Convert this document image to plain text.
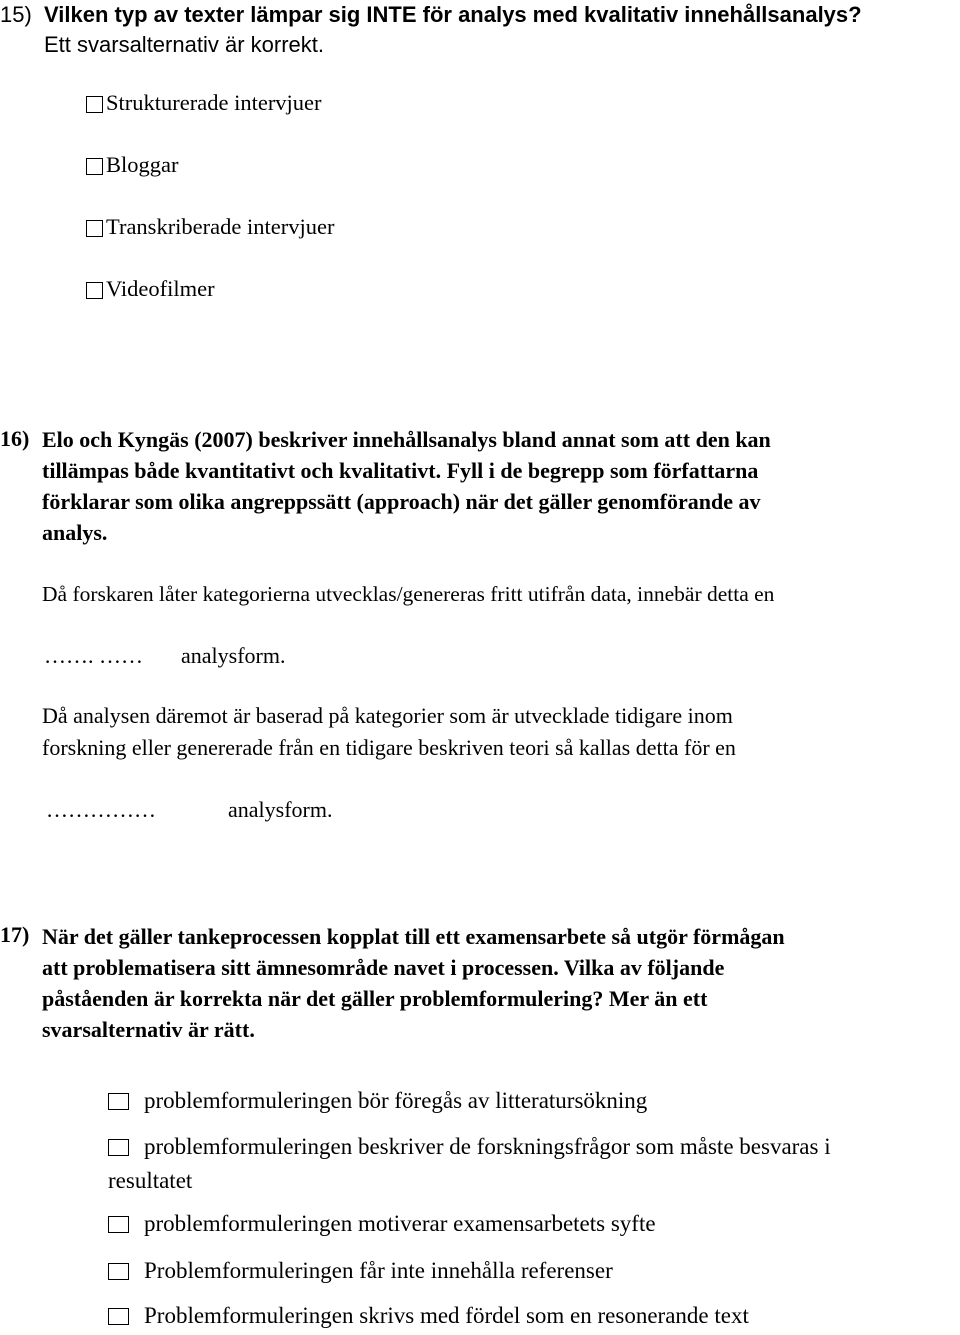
15) Vilken typ av texter lämpar sig INTE för analys med kvalitativ innehållsanalys?
Ett svarsalternativ är korrekt.
Strukturerade intervjuer
Bloggar
Transkriberade intervjuer
Videofilmer
16) Elo och Kyngäs (2007) beskriver innehållsanalys bland annat som att den kan
tillämpas både kvantitativt och kvalitativt. Fyll i de begrepp som författarna
förklarar som olika angreppssätt (approach) när det gäller genomförande av
analys.
Då forskaren låter kategorierna utvecklas/genereras fritt utifrån data, innebär detta en
……. …… analysform.
Då analysen däremot är baserad på kategorier som är utvecklade tidigare inom
forskning eller genererade från en tidigare beskriven teori så kallas detta för en
……………	analysform.
17) När det gäller tankeprocessen kopplat till ett examensarbete så utgör förmågan
att problematisera sitt ämnesområde navet i processen. Vilka av följande
påståenden är korrekta när det gäller problemformulering? Mer än ett
svarsalternativ är rätt.
problemformuleringen bör föregås av litteratursökning
problemformuleringen beskriver de forskningsfrågor som måste besvaras i
resultatet
problemformuleringen motiverar examensarbetets syfte
Problemformuleringen får inte innehålla referenser
Problemformuleringen skrivs med fördel som en resonerande text
